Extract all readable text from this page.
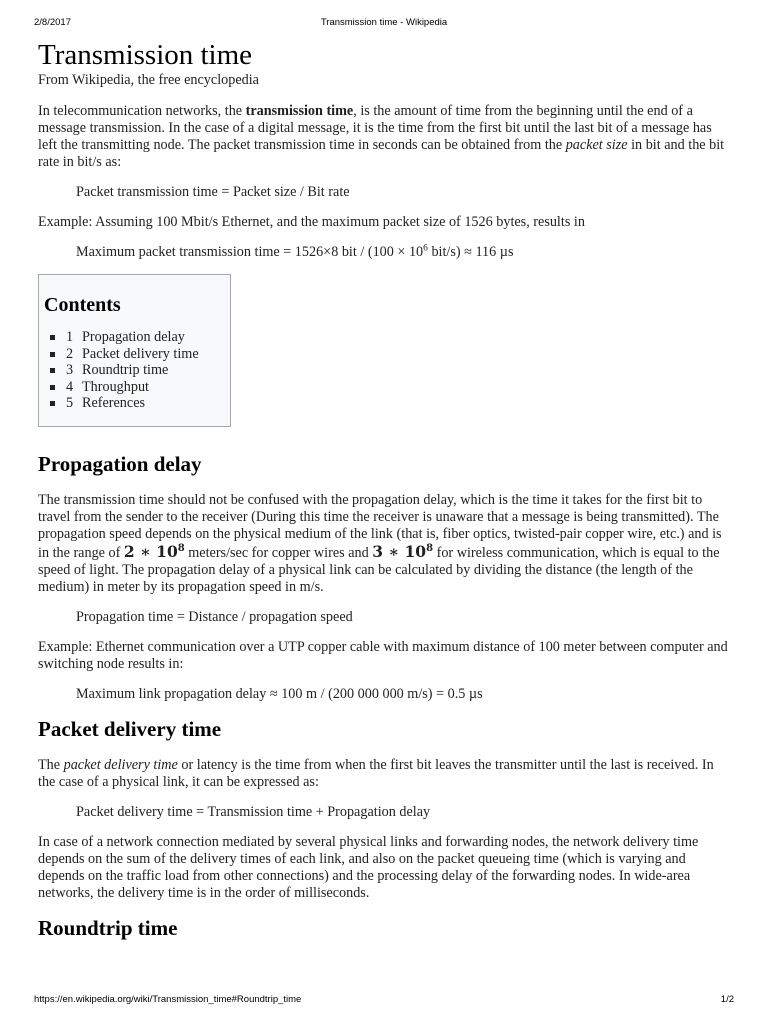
2/8/2017	Transmission time - Wikipedia
Transmission time
From Wikipedia, the free encyclopedia

In telecommunication networks, the transmission time, is the amount of time from the beginning until the end of a message transmission. In the case of a digital message, it is the time from the first bit until the last bit of a message has left the transmitting node. The packet transmission time in seconds can be obtained from the packet size in bit and the bit rate in bit/s as:

Packet transmission time = Packet size / Bit rate

Example: Assuming 100 Mbit/s Ethernet, and the maximum packet size of 1526 bytes, results in

Maximum packet transmission time = 1526×8 bit / ($100 \times 10^6$ bit/s) ≈ 116 µs
Contents
1 Propagation delay
2 Packet delivery time
3 Roundtrip time
4 Throughput
5 References
Propagation delay

The transmission time should not be confused with the propagation delay, which is the time it takes for the first bit to travel from the sender to the receiver (During this time the receiver is unaware that a message is being transmitted). The propagation speed depends on the physical medium of the link (that is, fiber optics, twisted-pair copper wire, etc.) and is in the range of 2 ∗ $10^8$ meters/sec for copper wires and 3 ∗ $10^8$ for wireless communication, which is equal to the speed of light. The propagation delay of a physical link can be calculated by dividing the distance (the length of the medium) in meter by its propagation speed in m/s.

Propagation time = Distance / propagation speed

Example: Ethernet communication over a UTP copper cable with maximum distance of 100 meter between computer and switching node results in:

Maximum link propagation delay ≈ 100 m / (200 000 000 m/s) = 0.5 µs
Packet delivery time

The packet delivery time or latency is the time from when the first bit leaves the transmitter until the last is received. In the case of a physical link, it can be expressed as:

Packet delivery time = Transmission time + Propagation delay

In case of a network connection mediated by several physical links and forwarding nodes, the network delivery time depends on the sum of the delivery times of each link, and also on the packet queueing time (which is varying and depends on the traffic load from other connections) and the processing delay of the forwarding nodes. In wide-area networks, the delivery time is in the order of milliseconds.

Roundtrip time
https://en.wikipedia.org/wiki/Transmission_time#Roundtrip_time	1/2
